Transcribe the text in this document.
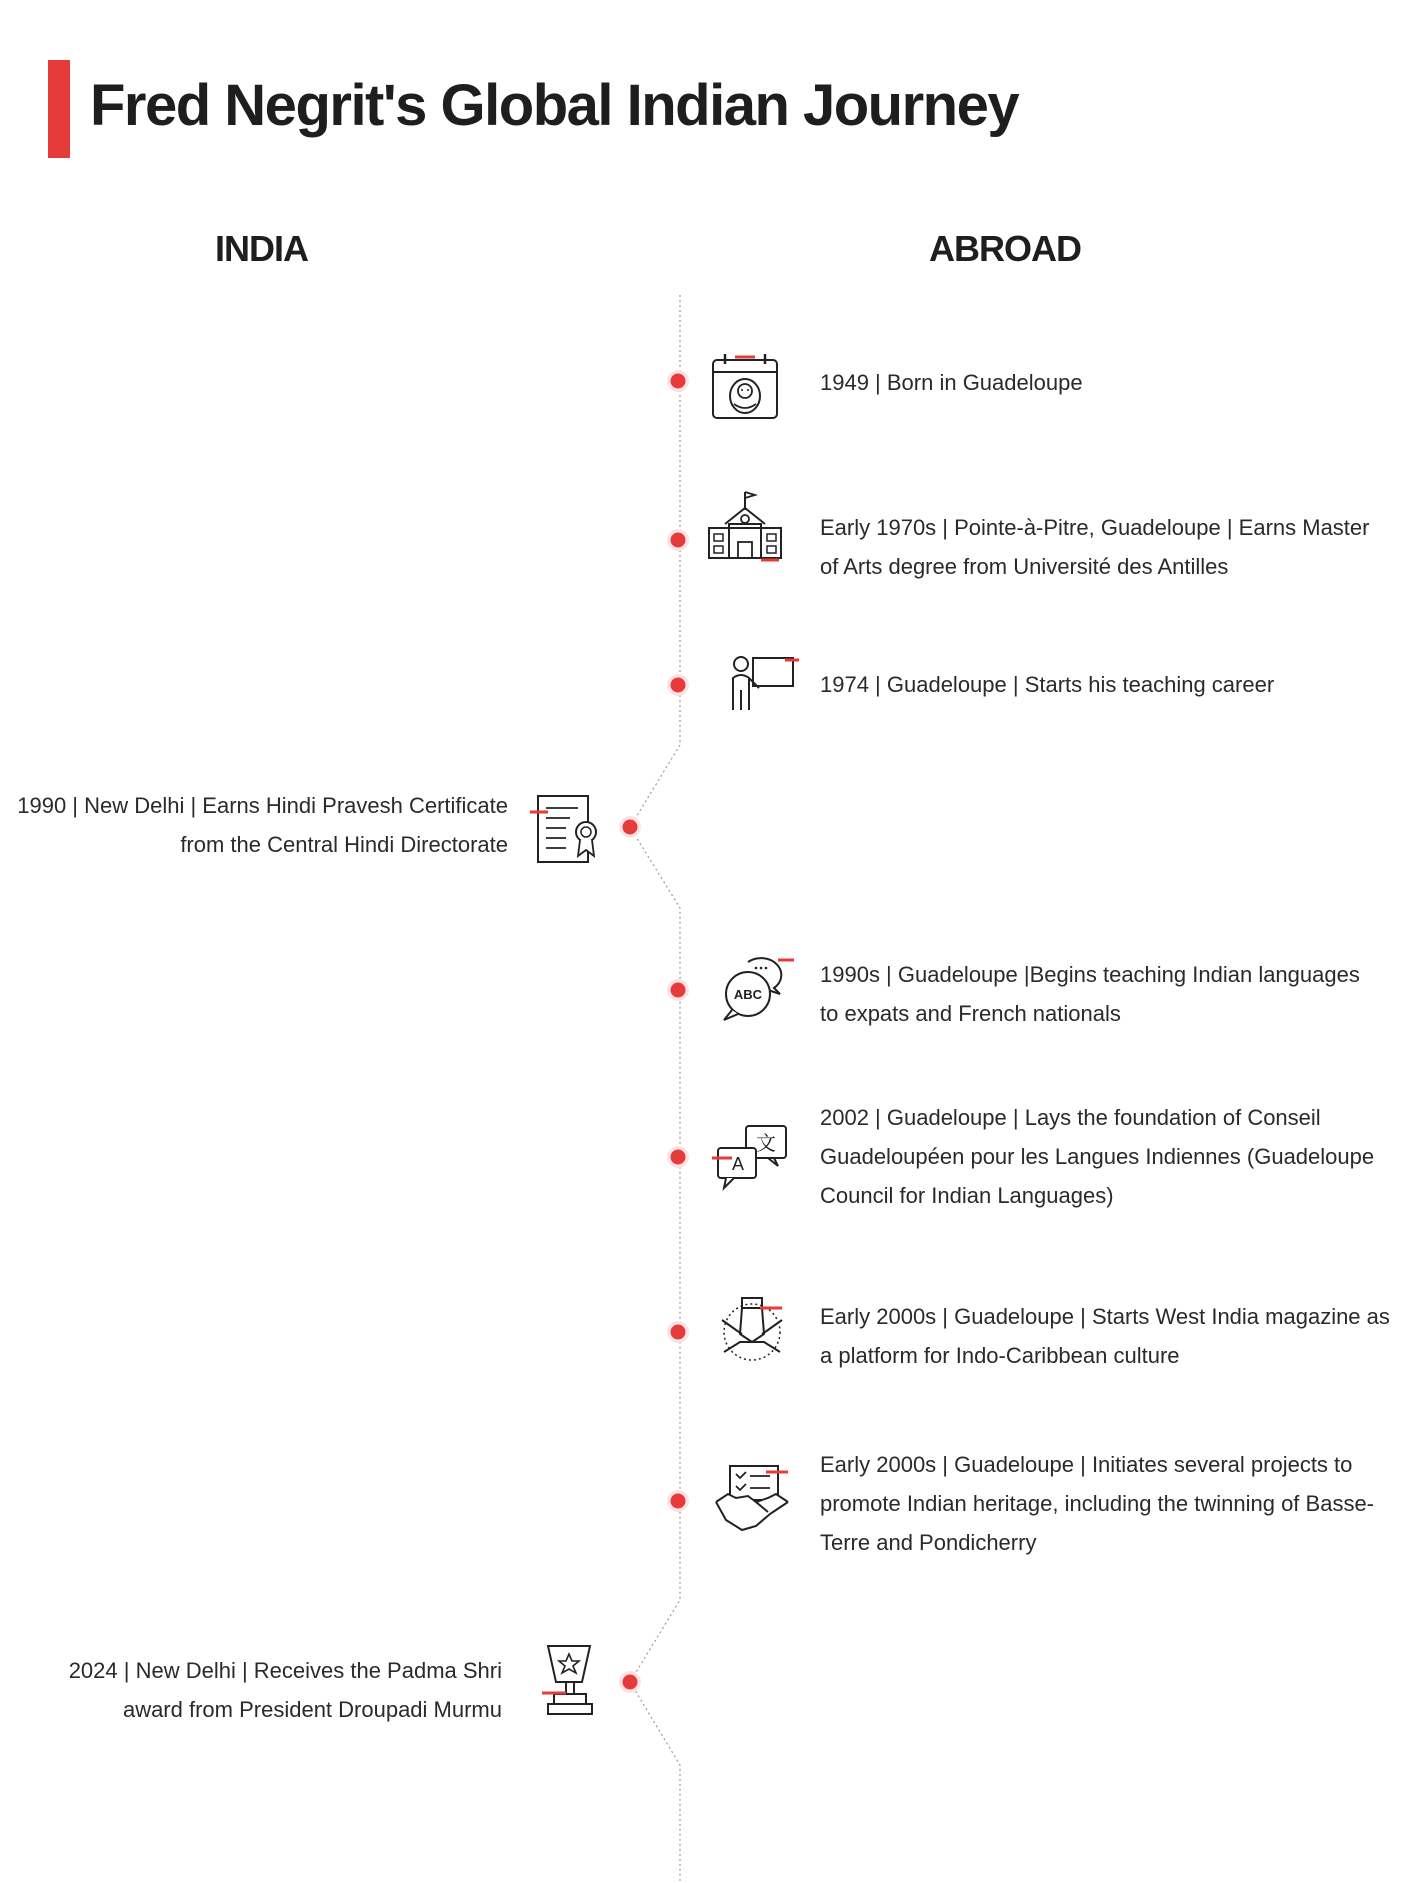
Fred Negrit's Global Indian Journey
INDIA	ABROAD
1949 | Born in Guadeloupe
Early 1970s | Pointe-à-Pitre, Guadeloupe | Earns Master of Arts degree from Université des Antilles
1974 | Guadeloupe | Starts his teaching career
1990 | New Delhi | Earns Hindi Pravesh Certificate from the Central Hindi Directorate
ABC
1990s | Guadeloupe |Begins teaching Indian languages to expats and French nationals
文
A
2002 | Guadeloupe | Lays the foundation of Conseil Guadeloupéen pour les Langues Indiennes (Guadeloupe Council for Indian Languages)
Early 2000s | Guadeloupe | Starts West India magazine as a platform for Indo-Caribbean culture
Early 2000s | Guadeloupe | Initiates several projects to promote Indian heritage, including the twinning of Basse-Terre and Pondicherry
2024 | New Delhi | Receives the Padma Shri award from President Droupadi Murmu
